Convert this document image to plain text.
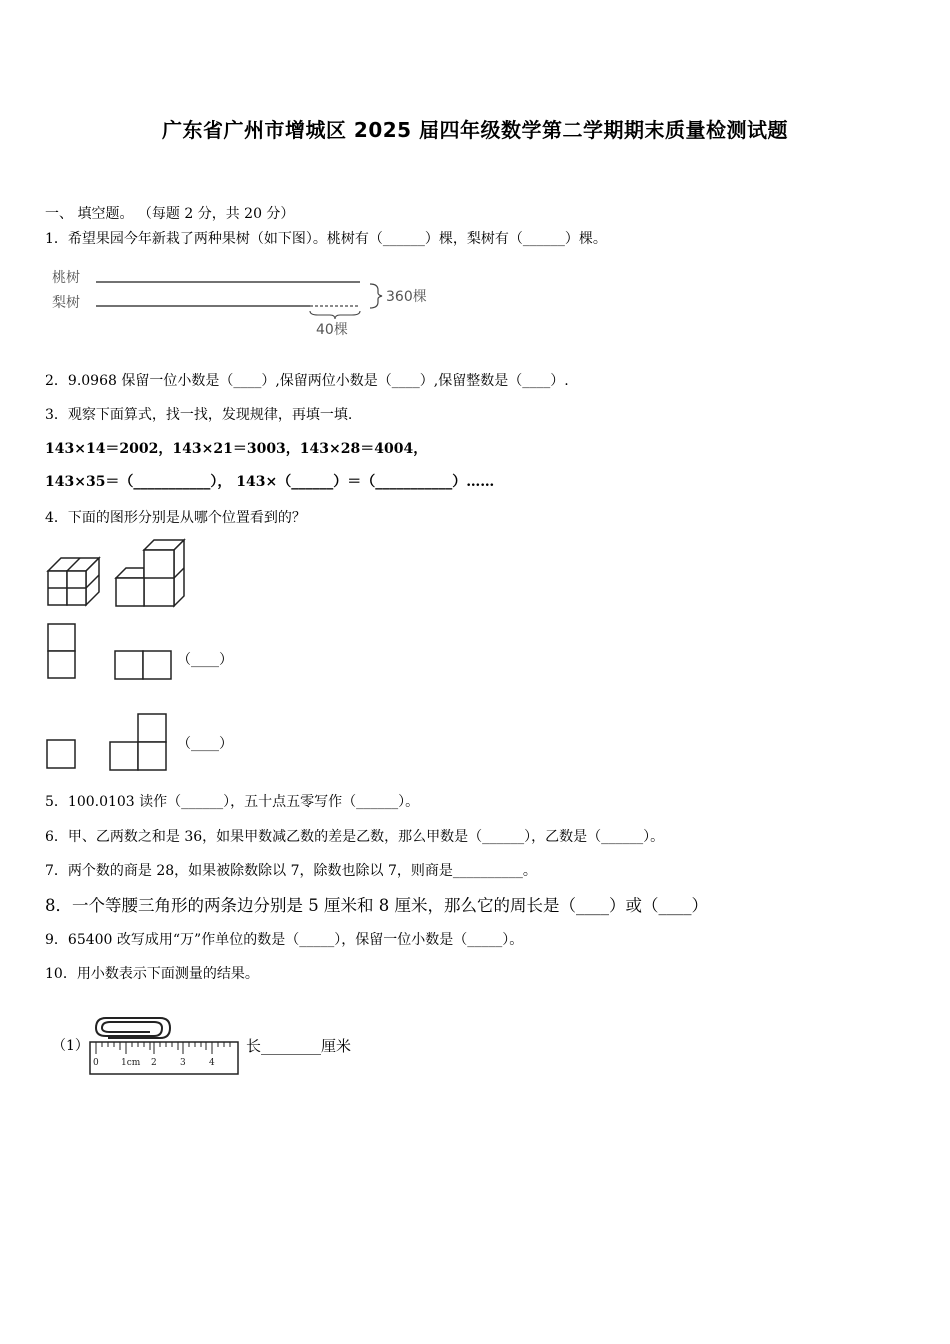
广东省广州市增城区 2025 届四年级数学第二学期期末质量检测试题
一、 填空题。 （每题 2 分，共 20 分）
1．希望果园今年新栽了两种果树（如下图）。桃树有（______）棵，梨树有（______）棵。
桃树
梨树	360棵
40棵
2．9.0968 保留一位小数是（____）,保留两位小数是（____）,保留整数是（____）.
3．观察下面算式，找一找，发现规律，再填一填.
143×14＝2002，143×21＝3003，143×28＝4004，
143×35＝（___________）， 143×（______）＝（___________）……
4．下面的图形分别是从哪个位置看到的？
（____）
（____）
5．100.0103 读作（______），五十点五零写作（______）。
6．甲、乙两数之和是 36，如果甲数减乙数的差是乙数，那么甲数是（______），乙数是（______）。
7．两个数的商是 28，如果被除数除以 7，除数也除以 7，则商是__________。
8．一个等腰三角形的两条边分别是 5 厘米和 8 厘米，那么它的周长是（____）或（____）
9．65400 改写成用“万”作单位的数是（_____），保留一位小数是（_____）。
10．用小数表示下面测量的结果。
（1）
0 1cm 2	3	4
长________厘米
